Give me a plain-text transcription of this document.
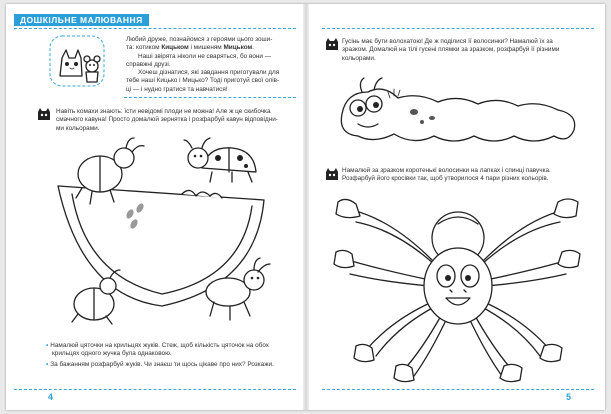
ДОШКІЛЬНЕ МАЛЮВАННЯ
Любий друже, познайомся з героями цього зоши-
та: котиком Кицьком і мишеням Мицьком.
Наші звірята ніколи не сваряться, бо вони —
справжні друзі.
Хочеш дізнатися, які завдання приготували для
тебе наші Кицько і Мицько? Тоді приготуй свої олів-
ці — і нудно гратися та навчатися!
Навіть комахи знають: їсти невідомі плоди не можна! Але ж це скибочка
смачного кавуна! Просто домалюй зернятка і розфарбуй кавун відповідни-
ми кольорами.
• Намалюй цяточки на крильцях жуків. Стеж, щоб кількість цяточок на обох
крильцях одного жучка була однаковою.
• За бажанням розфарбуй жуків. Чи знаєш ти щось цікаве про них? Розкажи.
4
Гусінь має бути волохатою! Де ж поділися її волосинки? Намалюй їх за
зразком. Домалюй на тілі гусені плямки за зразком, розфарбуй її різними
кольорами.
Намалюй за зразком коротенькі волосинки на лапках і спинці павучка.
Розфарбуй його кросівки так, щоб утворилося 4 пари різних кольорів.
5
